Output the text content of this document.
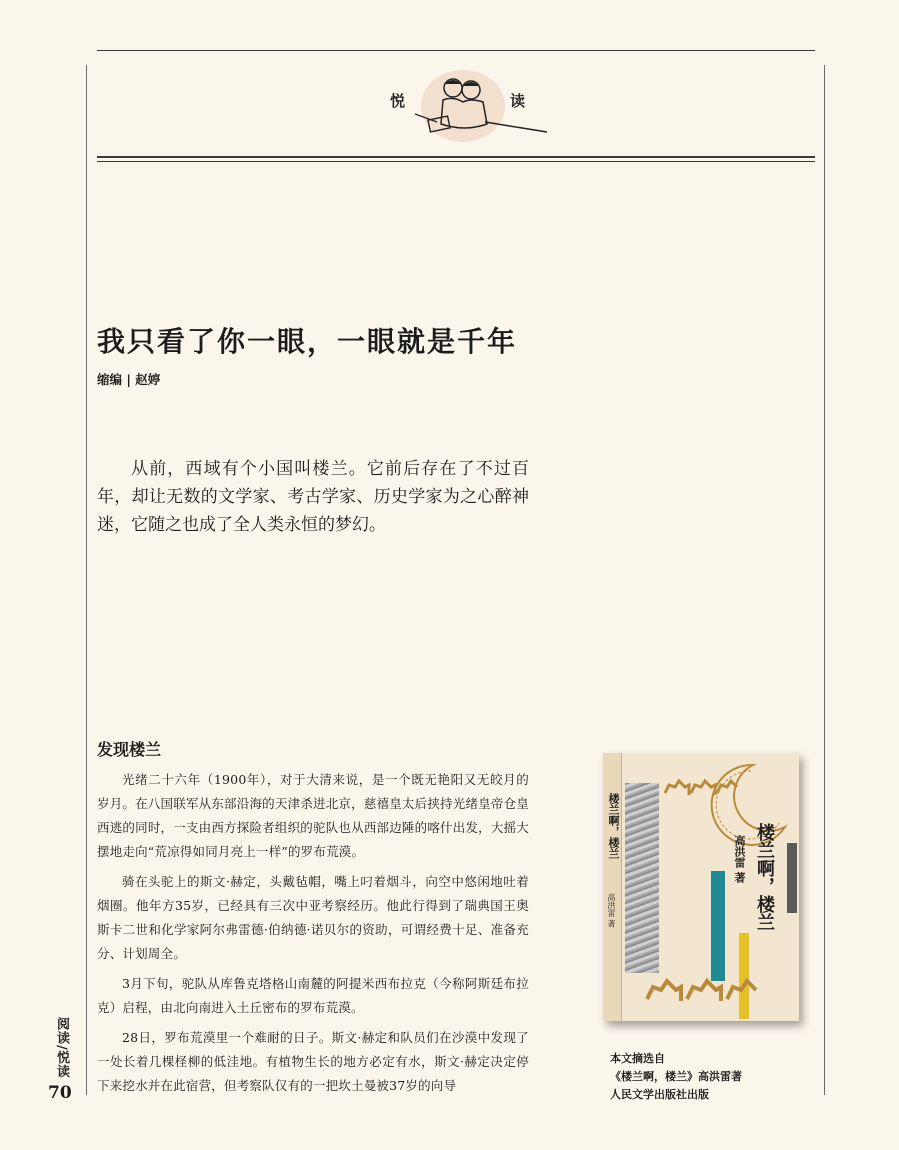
悦	读
我只看了你一眼，一眼就是千年
缩编 | 赵婷

从前，西域有个小国叫楼兰。它前后存在了不过百年，却让无数的文学家、考古学家、历史学家为之心醉神迷，它随之也成了全人类永恒的梦幻。

发现楼兰

光绪二十六年（1900年），对于大清来说，是一个既无艳阳又无皎月的岁月。在八国联军从东部沿海的天津杀进北京，慈禧皇太后挟持光绪皇帝仓皇西逃的同时，一支由西方探险者组织的驼队也从西部边陲的喀什出发，大摇大摆地走向“荒凉得如同月亮上一样”的罗布荒漠。

骑在头驼上的斯文·赫定，头戴毡帽，嘴上叼着烟斗，向空中悠闲地吐着烟圈。他年方35岁，已经具有三次中亚考察经历。他此行得到了瑞典国王奥斯卡二世和化学家阿尔弗雷德·伯纳德·诺贝尔的资助，可谓经费十足、准备充分、计划周全。

3月下旬，驼队从库鲁克塔格山南麓的阿提米西布拉克（今称阿斯廷布拉克）启程，由北向南进入土丘密布的罗布荒漠。

28日，罗布荒漠里一个难耐的日子。斯文·赫定和队员们在沙漠中发现了一处长着几棵柽柳的低洼地。有植物生长的地方必定有水，斯文·赫定决定停下来挖水并在此宿营，但考察队仅有的一把坎土曼被37岁的向导

楼兰啊，楼兰
高洪雷 著	楼兰啊，楼兰
高洪雷 著
本文摘选自
《楼兰啊，楼兰》高洪雷著
人民文学出版社出版
阅读/悦读
70
